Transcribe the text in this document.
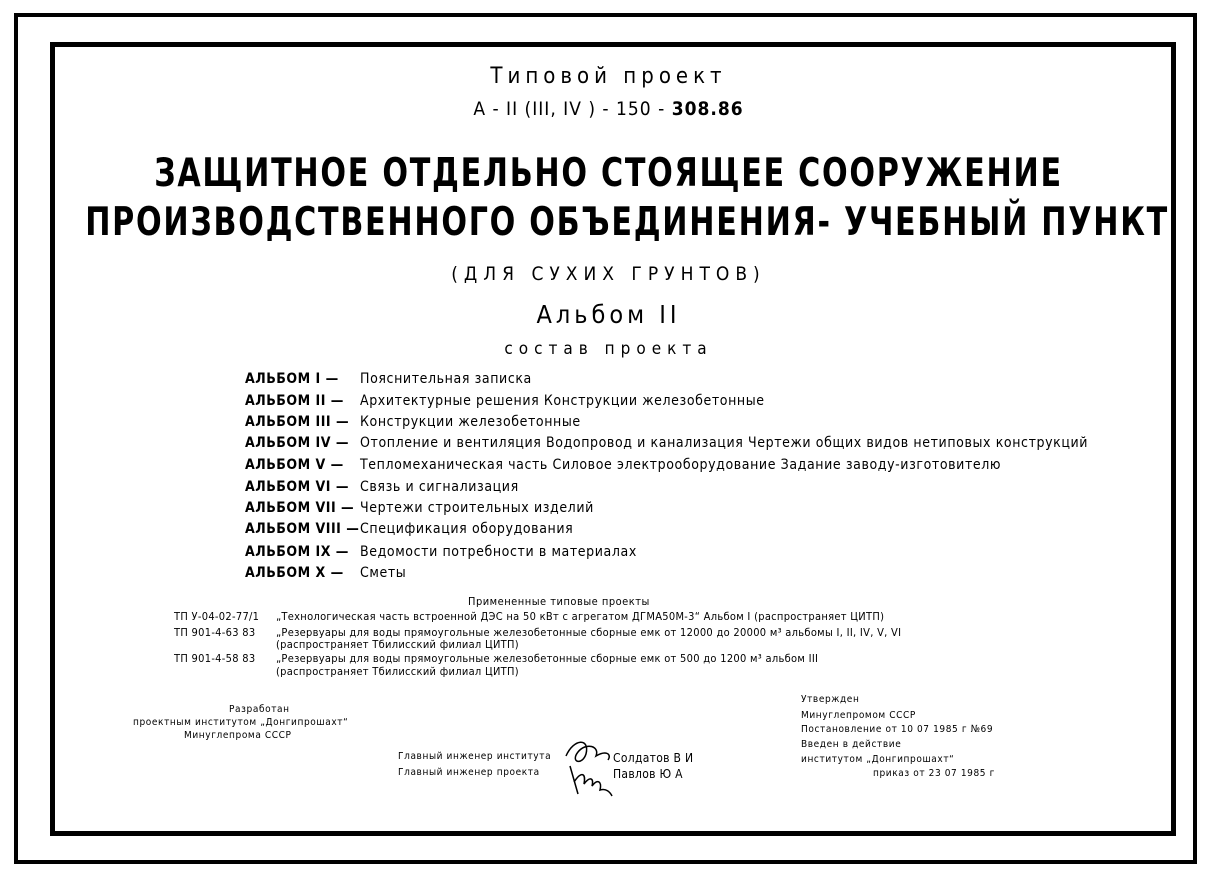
Типовой проект
А - II (III, IV ) - 150 - 308.86
ЗАЩИТНОЕ ОТДЕЛЬНО СТОЯЩЕЕ СООРУЖЕНИЕ
ПРОИЗВОДСТВЕННОГО ОБЪЕДИНЕНИЯ- УЧЕБНЫЙ ПУНКТ
(ДЛЯ СУХИХ ГРУНТОВ)
Альбом II
состав проекта
АЛЬБОМ I — Пояснительная записка
АЛЬБОМ II — Архитектурные решения Конструкции железобетонные
АЛЬБОМ III — Конструкции железобетонные
АЛЬБОМ IV — Отопление и вентиляция Водопровод и канализация Чертежи общих видов нетиповых конструкций
АЛЬБОМ V — Тепломеханическая часть Силовое электрооборудование Задание заводу-изготовителю
АЛЬБОМ VI — Связь и сигнализация
АЛЬБОМ VII — Чертежи строительных изделий
АЛЬБОМ VIII —Спецификация оборудования
АЛЬБОМ IX — Ведомости потребности в материалах
АЛЬБОМ X — Сметы
Примененные типовые проекты
ТП У-04-02-77/1 „Технологическая часть встроенной ДЭС на 50 кВт с агрегатом ДГМА50М-3“ Альбом I (распространяет ЦИТП)
ТП 901-4-63 83 „Резервуары для воды прямоугольные железобетонные сборные емк от 12000 до 20000 м³ альбомы I, II, IV, V, VI
(распространяет Тбилисский филиал ЦИТП)
ТП 901-4-58 83 „Резервуары для воды прямоугольные железобетонные сборные емк от 500 до 1200 м³ альбом III
(распространяет Тбилисский филиал ЦИТП)
Разработан
проектным институтом „Донгипрошахт“
Минуглепрома СССР
Главный инженер института	Солдатов В И
Главный инженер проекта	Павлов Ю А
Утвержден
Минуглепромом СССР
Постановление от 10 07 1985 г №69
Введен в действие
институтом „Донгипрошахт“
приказ от 23 07 1985 г
